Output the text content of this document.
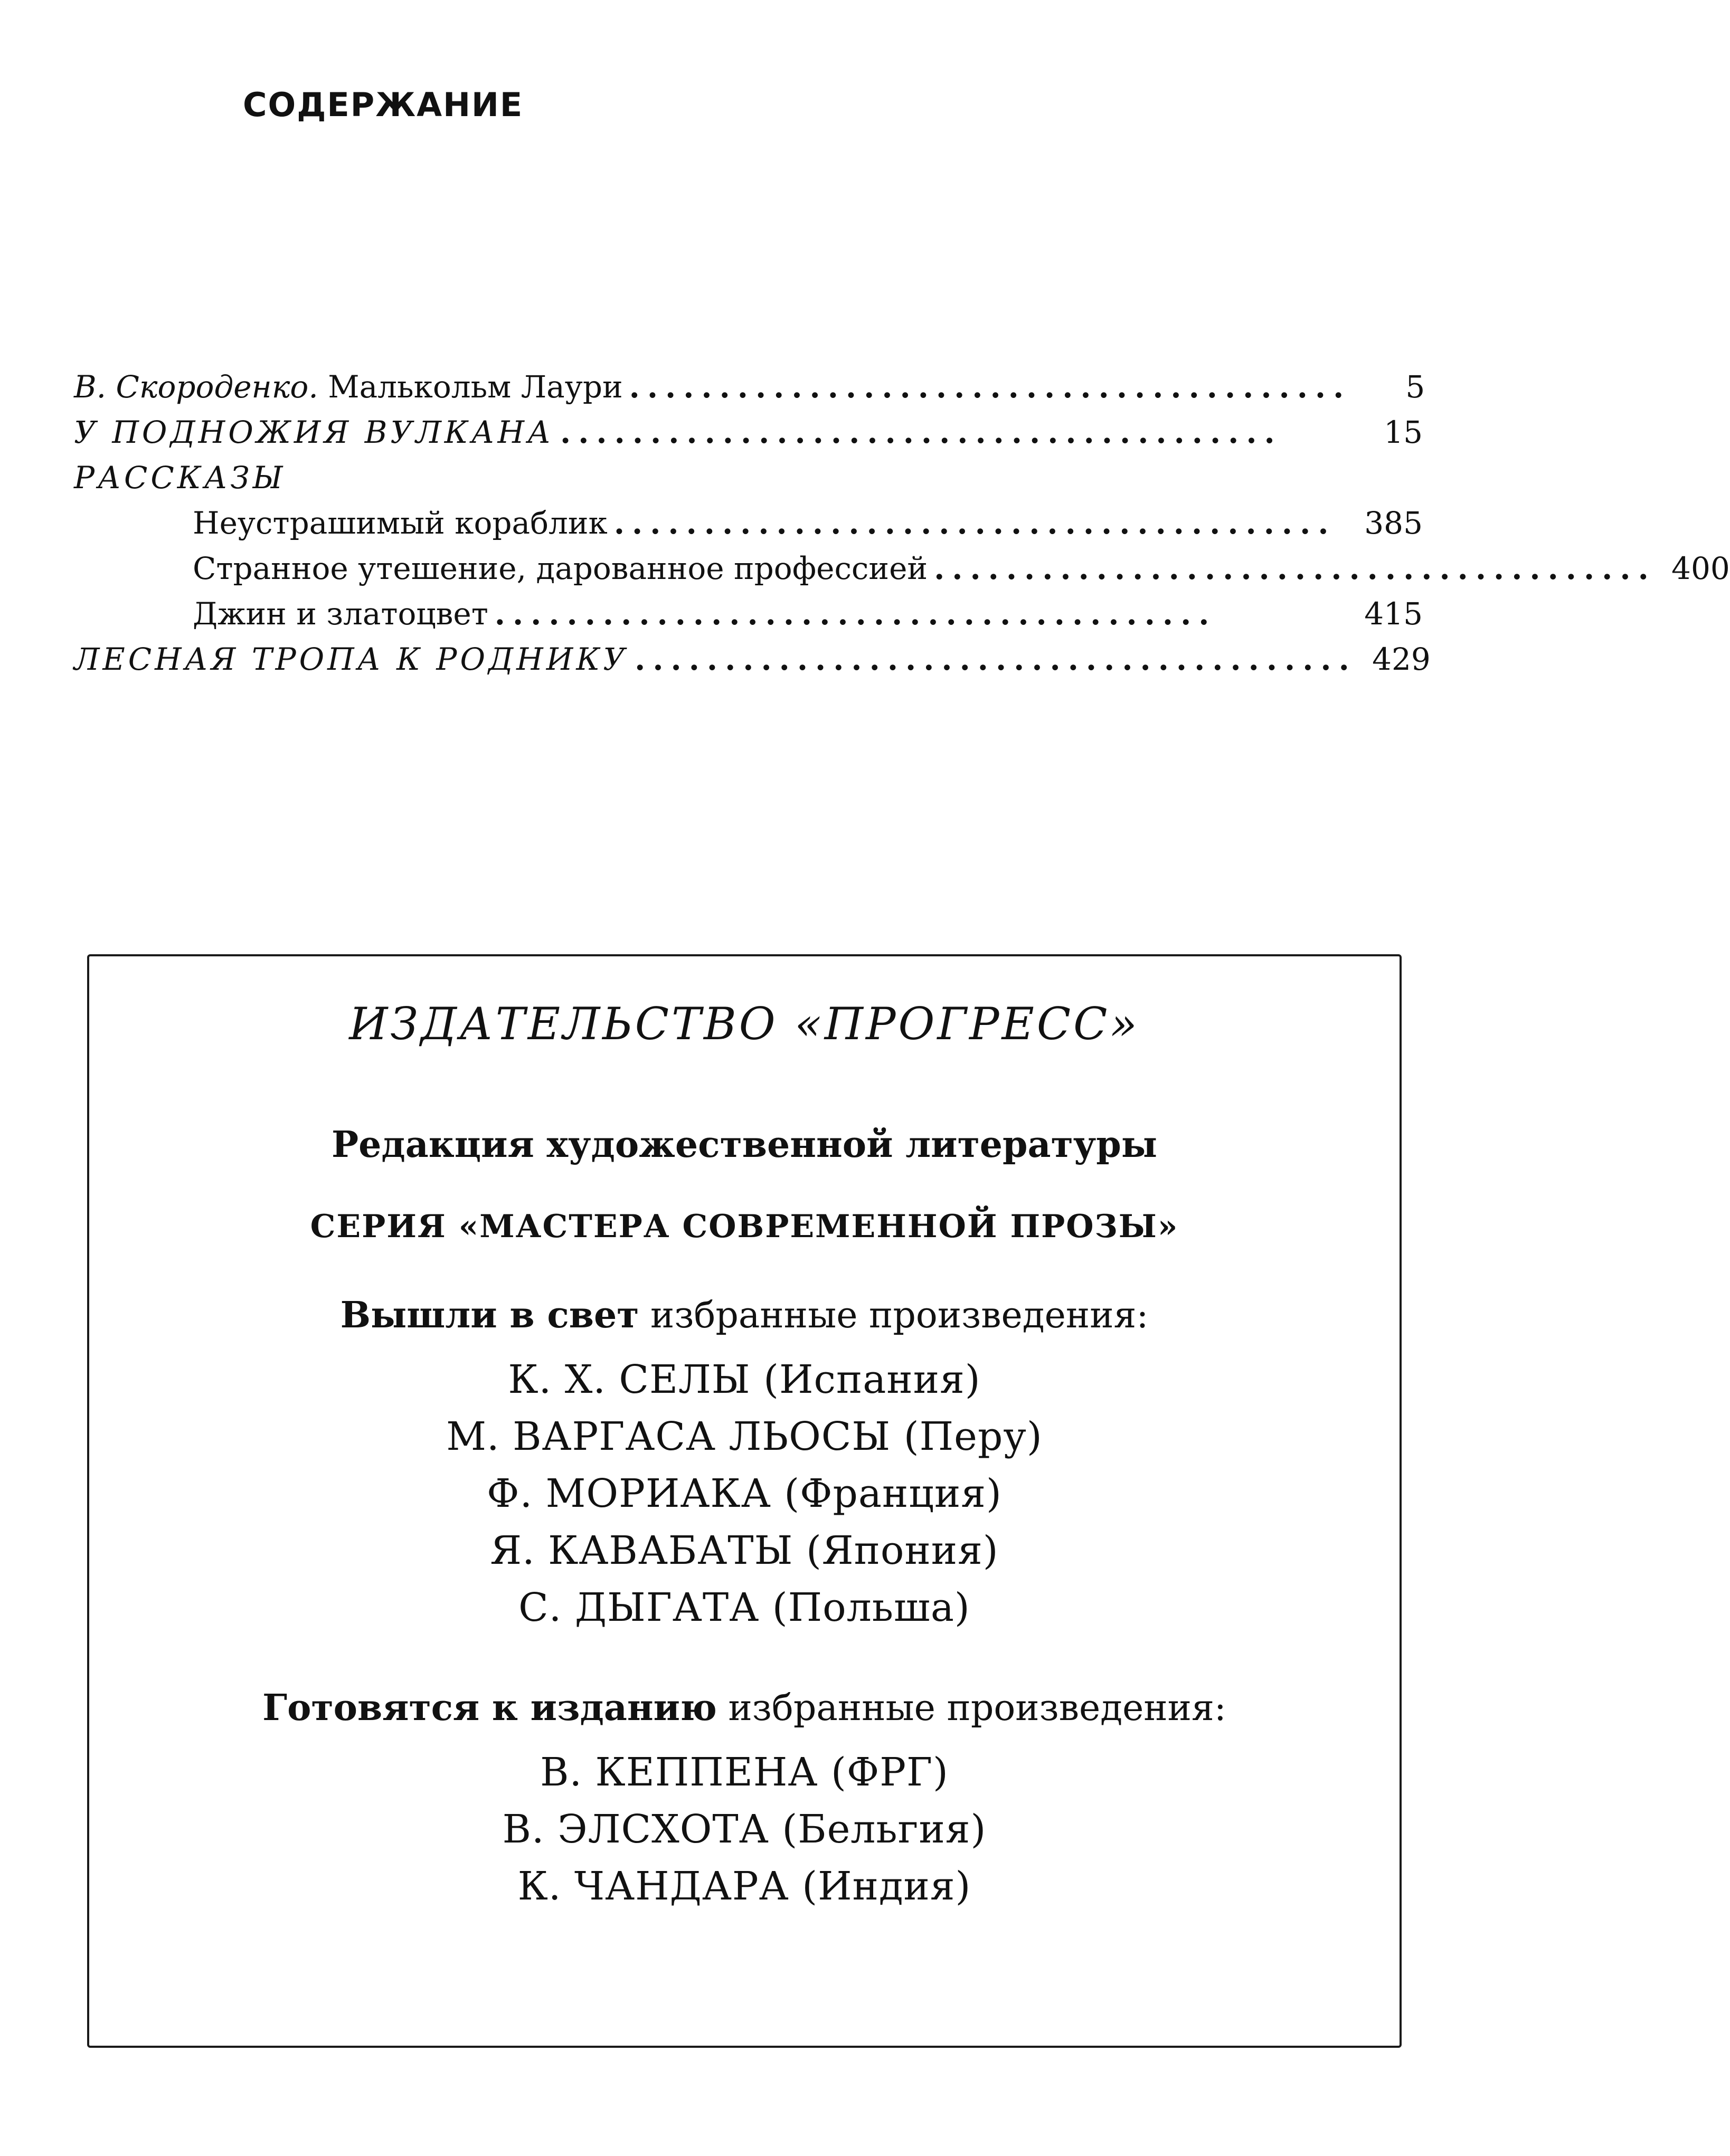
СОДЕРЖАНИЕ
В. Скороденко. Малькольм Лаури ........................................	5
У ПОДНОЖИЯ ВУЛКАНА ........................................	15
РАССКАЗЫ
Неустрашимый кораблик ........................................ 385
Странное утешение, дарованное профессией ........................................ 400
Джин и златоцвет ........................................	415
ЛЕСНАЯ ТРОПА К РОДНИКУ ........................................ 429
ИЗДАТЕЛЬСТВО «ПРОГРЕСС»
Редакция художественной литературы
СЕРИЯ «МАСТЕРА СОВРЕМЕННОЙ ПРОЗЫ»
Вышли в свет избранные произведения:
К. Х. СЕЛЫ (Испания)
М. ВАРГАСА ЛЬОСЫ (Перу)
Ф. МОРИАКА (Франция)
Я. КАВАБАТЫ (Япония)
С. ДЫГАТА (Польша)
Готовятся к изданию избранные произведения:
В. КЕППЕНА (ФРГ)
В. ЭЛСХОТА (Бельгия)
К. ЧАНДАРА (Индия)
